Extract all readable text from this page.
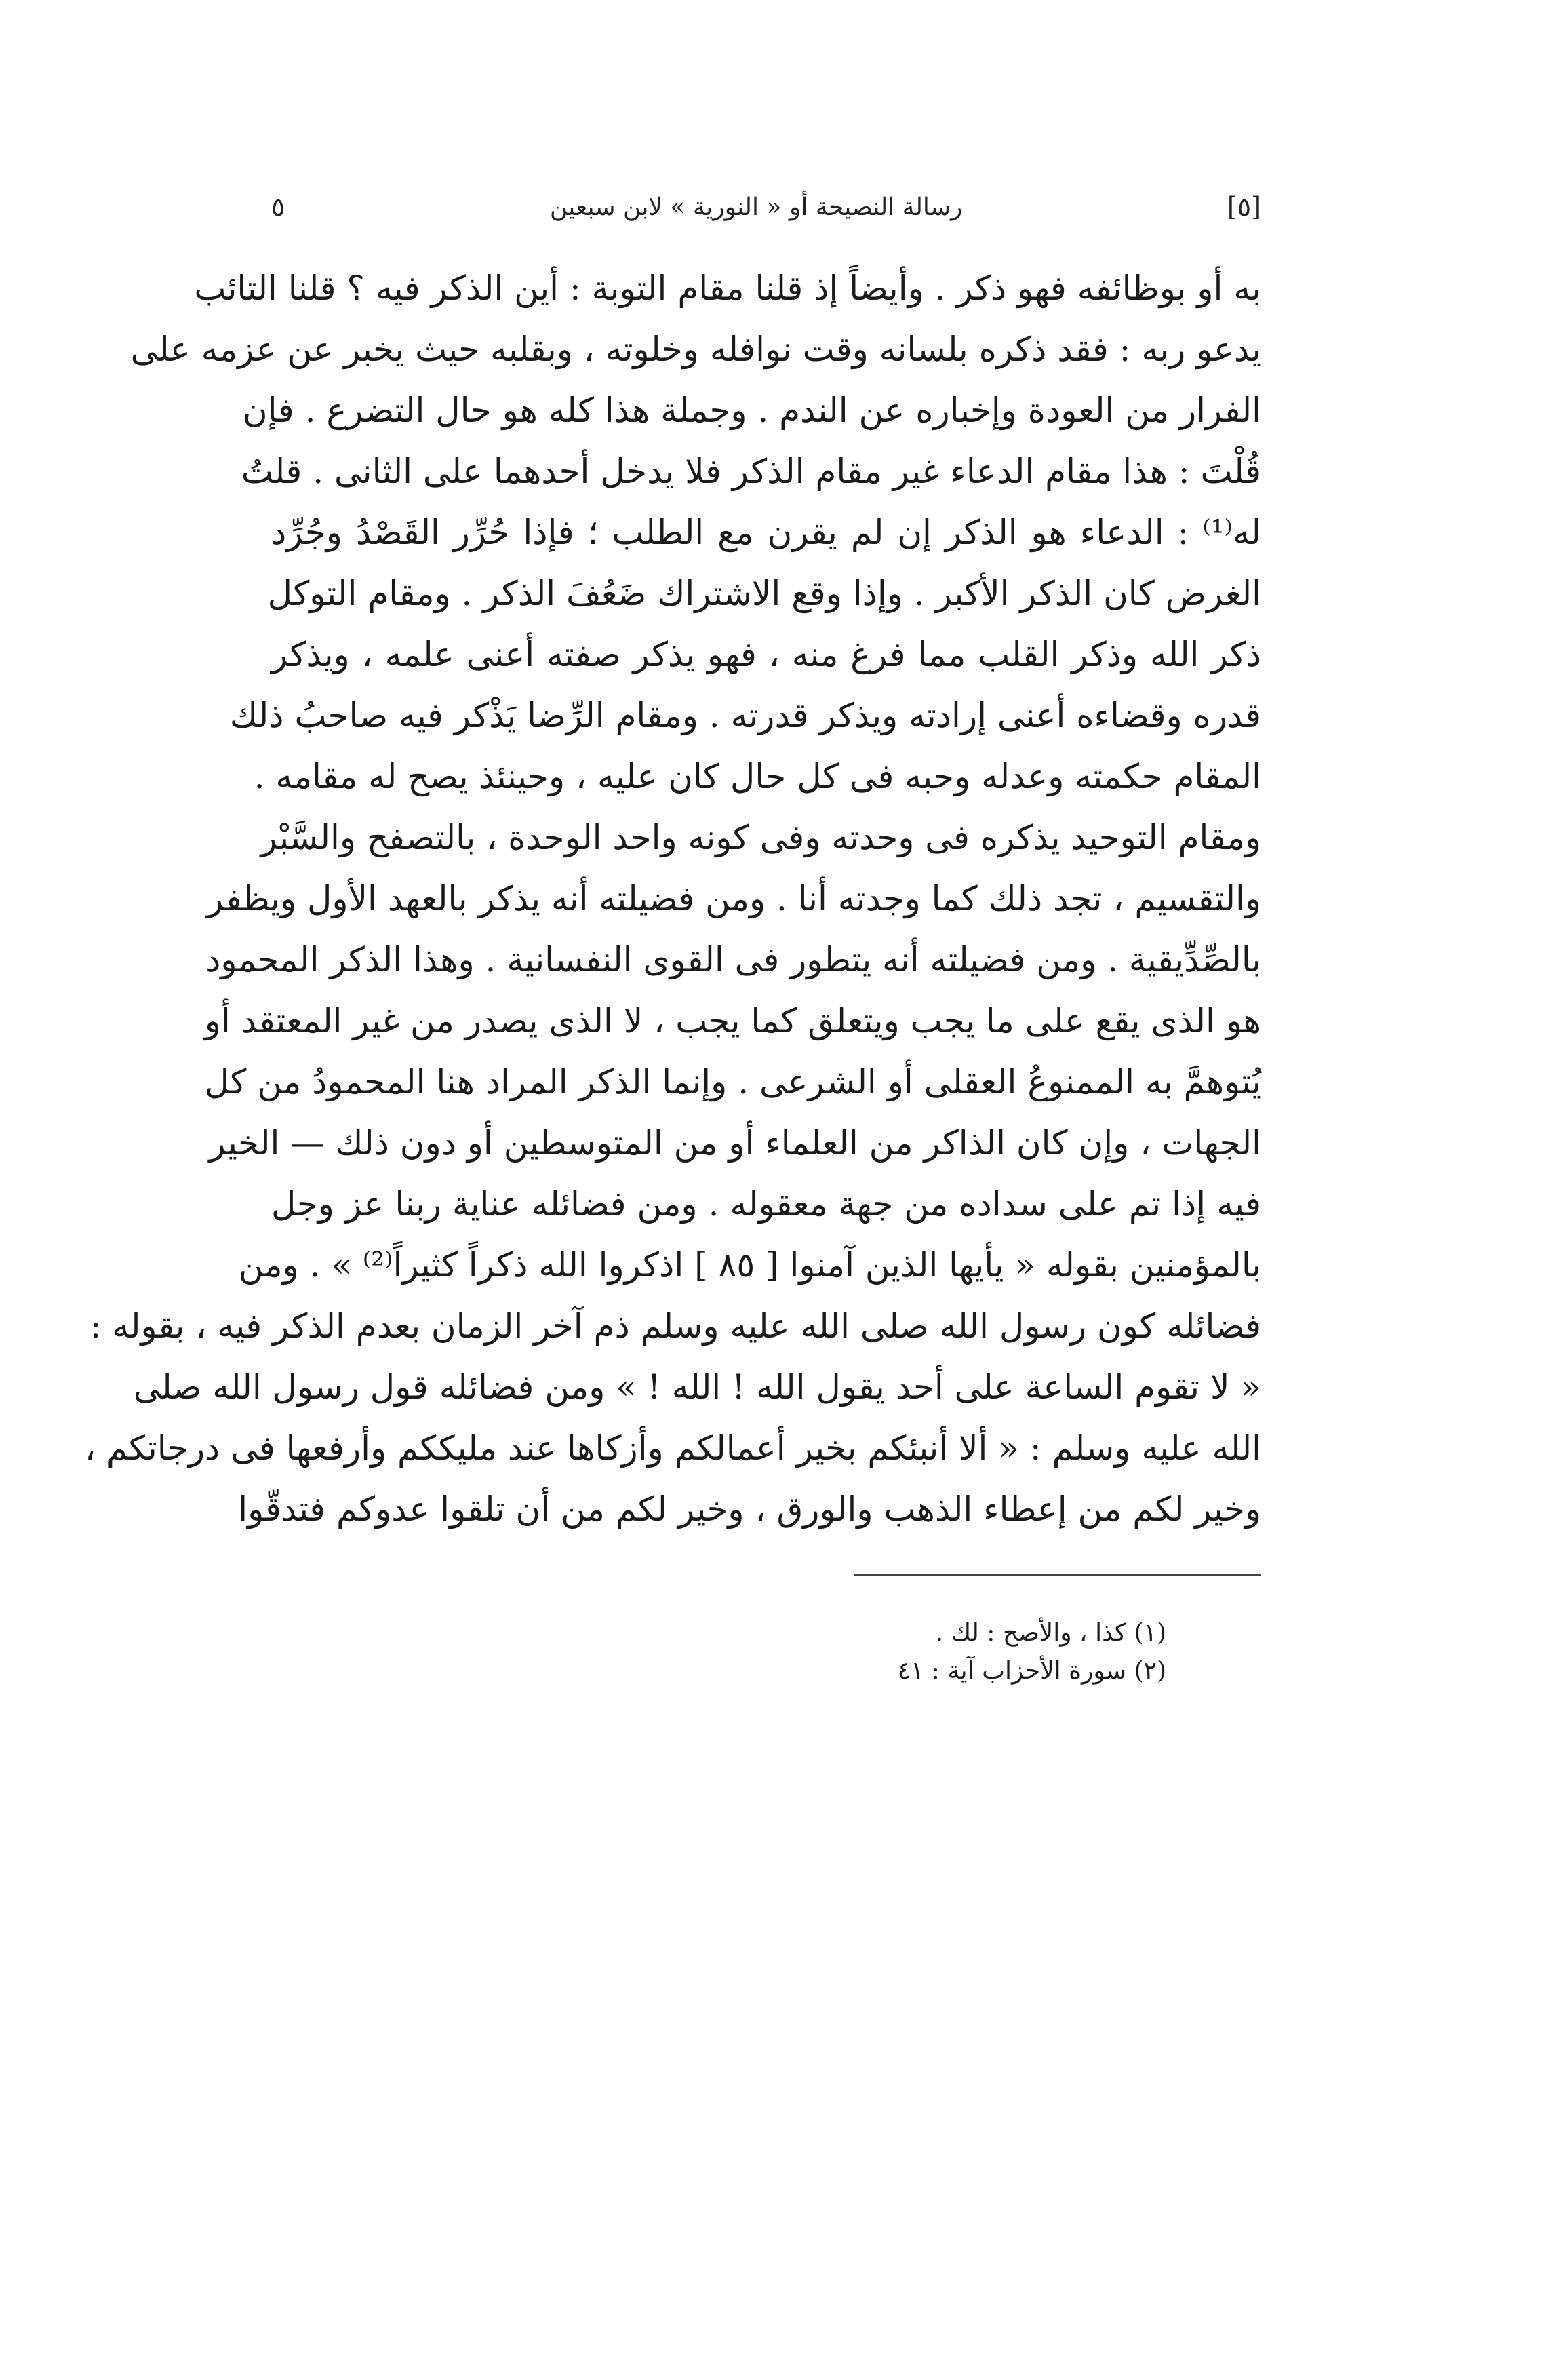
[٥]
رسالة النصيحة أو « النورية » لابن سبعين
٥
به أو بوظائفه فهو ذكر . وأيضاً إذ قلنا مقام التوبة : أين الذكر فيه ؟ قلنا التائب
يدعو ربه : فقد ذكره بلسانه وقت نوافله وخلوته ، وبقلبه حيث يخبر عن عزمه على
الفرار من العودة وإخباره عن الندم . وجملة هذا كله هو حال التضرع . فإن
قُلْتَ : هذا مقام الدعاء غير مقام الذكر فلا يدخل أحدهما على الثانى . قلتُ
له⁽¹⁾ : الدعاء هو الذكر إن لم يقرن مع الطلب ؛ فإذا حُرِّر القَصْدُ وجُرِّد
الغرض كان الذكر الأكبر . وإذا وقع الاشتراك ضَعُفَ الذكر . ومقام التوكل
ذكر الله وذكر القلب مما فرغ منه ، فهو يذكر صفته أعنى علمه ، ويذكر
قدره وقضاءه أعنى إرادته ويذكر قدرته . ومقام الرِّضا يَذْكر فيه صاحبُ ذلك
المقام حكمته وعدله وحبه فى كل حال كان عليه ، وحينئذ يصح له مقامه .
ومقام التوحيد يذكره فى وحدته وفى كونه واحد الوحدة ، بالتصفح والسَّبْر
والتقسيم ، تجد ذلك كما وجدته أنا . ومن فضيلته أنه يذكر بالعهد الأول ويظفر
بالصِّدِّيقية . ومن فضيلته أنه يتطور فى القوى النفسانية . وهذا الذكر المحمود
هو الذى يقع على ما يجب ويتعلق كما يجب ، لا الذى يصدر من غير المعتقد أو
يُتوهمَّ به الممنوعُ العقلى أو الشرعى . وإنما الذكر المراد هنا المحمودُ من كل
الجهات ، وإن كان الذاكر من العلماء أو من المتوسطين أو دون ذلك — الخير
فيه إذا تم على سداده من جهة معقوله . ومن فضائله عناية ربنا عز وجل
بالمؤمنين بقوله « يأيها الذين آمنوا [ ٨٥ ] اذكروا الله ذكراً كثيراً⁽²⁾ » . ومن
فضائله كون رسول الله صلى الله عليه وسلم ذم آخر الزمان بعدم الذكر فيه ، بقوله :
« لا تقوم الساعة على أحد يقول الله ! الله ! » ومن فضائله قول رسول الله صلى
الله عليه وسلم : « ألا أنبئكم بخير أعمالكم وأزكاها عند مليككم وأرفعها فى درجاتكم ،
وخير لكم من إعطاء الذهب والورق ، وخير لكم من أن تلقوا عدوكم فتدقّوا
(١) كذا ، والأصح : لك .
(٢) سورة الأحزاب آية : ٤١
